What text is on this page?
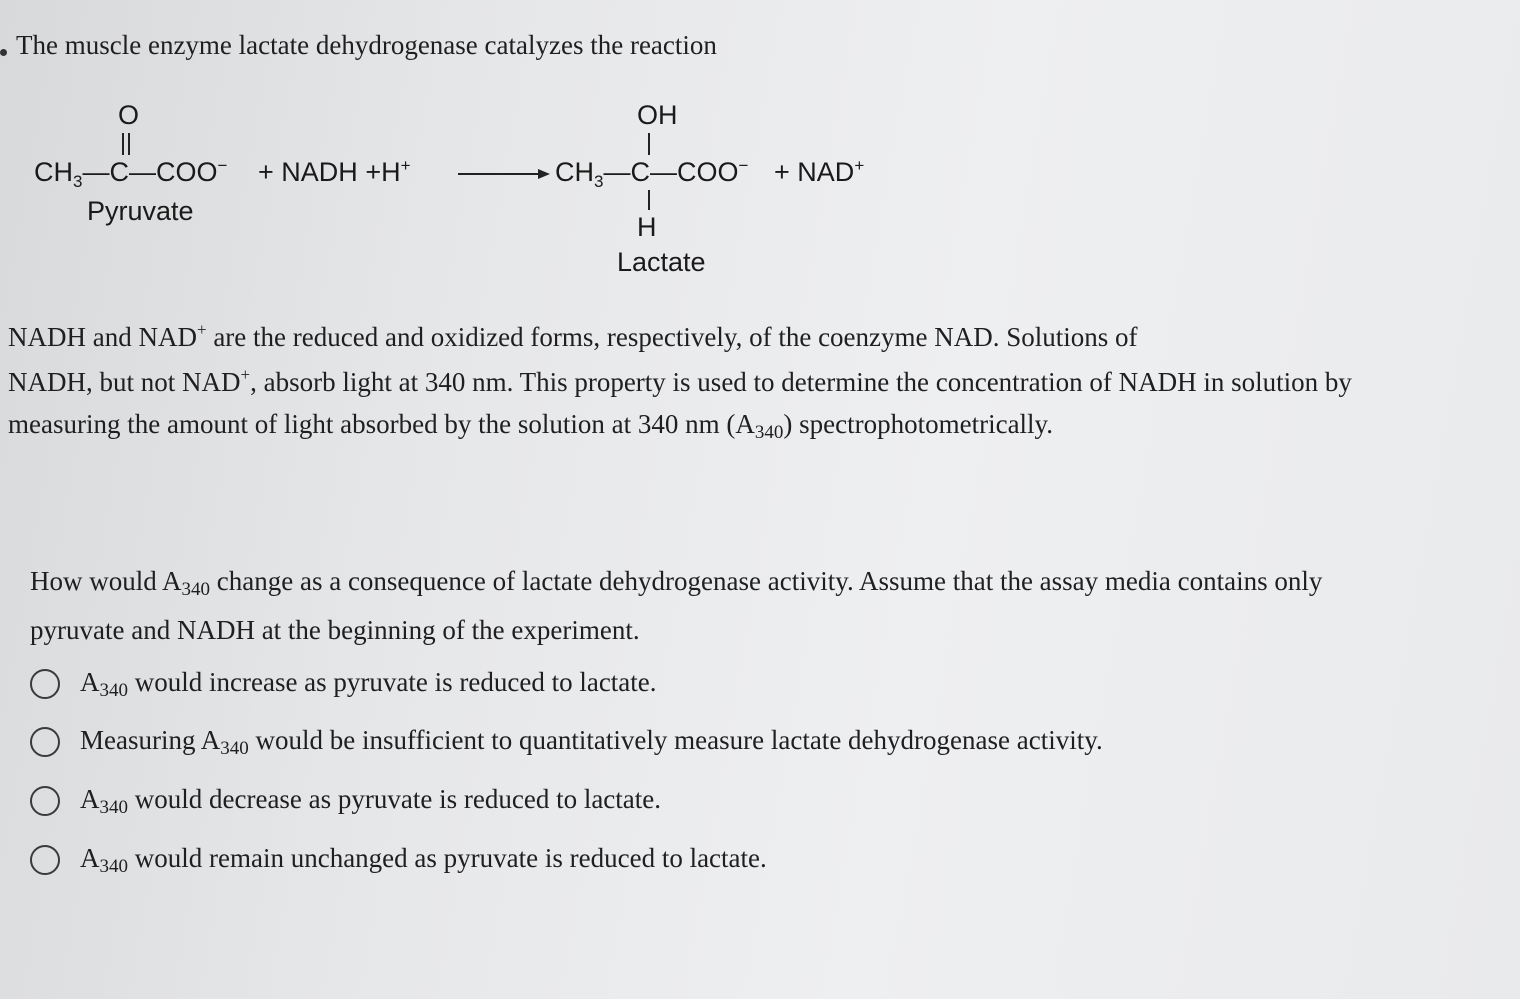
The muscle enzyme lactate dehydrogenase catalyzes the reaction
O
$CH_3—C—COO^-$
Pyruvate
+ NADH +H+
OH
$CH_3—C—COO^-$
H
Lactate
+ NAD+
NADH and NAD+ are the reduced and oxidized forms, respectively, of the coenzyme NAD. Solutions of
NADH, but not NAD+, absorb light at 340 nm. This property is used to determine the concentration of NADH in solution by
measuring the amount of light absorbed by the solution at 340 nm $(A_{340})$ spectrophotometrically.
How would $A_{340}$ change as a consequence of lactate dehydrogenase activity. Assume that the assay media contains only
pyruvate and NADH at the beginning of the experiment.
$A_{340}$ would increase as pyruvate is reduced to lactate.
Measuring $A_{340}$ would be insufficient to quantitatively measure lactate dehydrogenase activity.
$A_{340}$ would decrease as pyruvate is reduced to lactate.
$A_{340}$ would remain unchanged as pyruvate is reduced to lactate.
